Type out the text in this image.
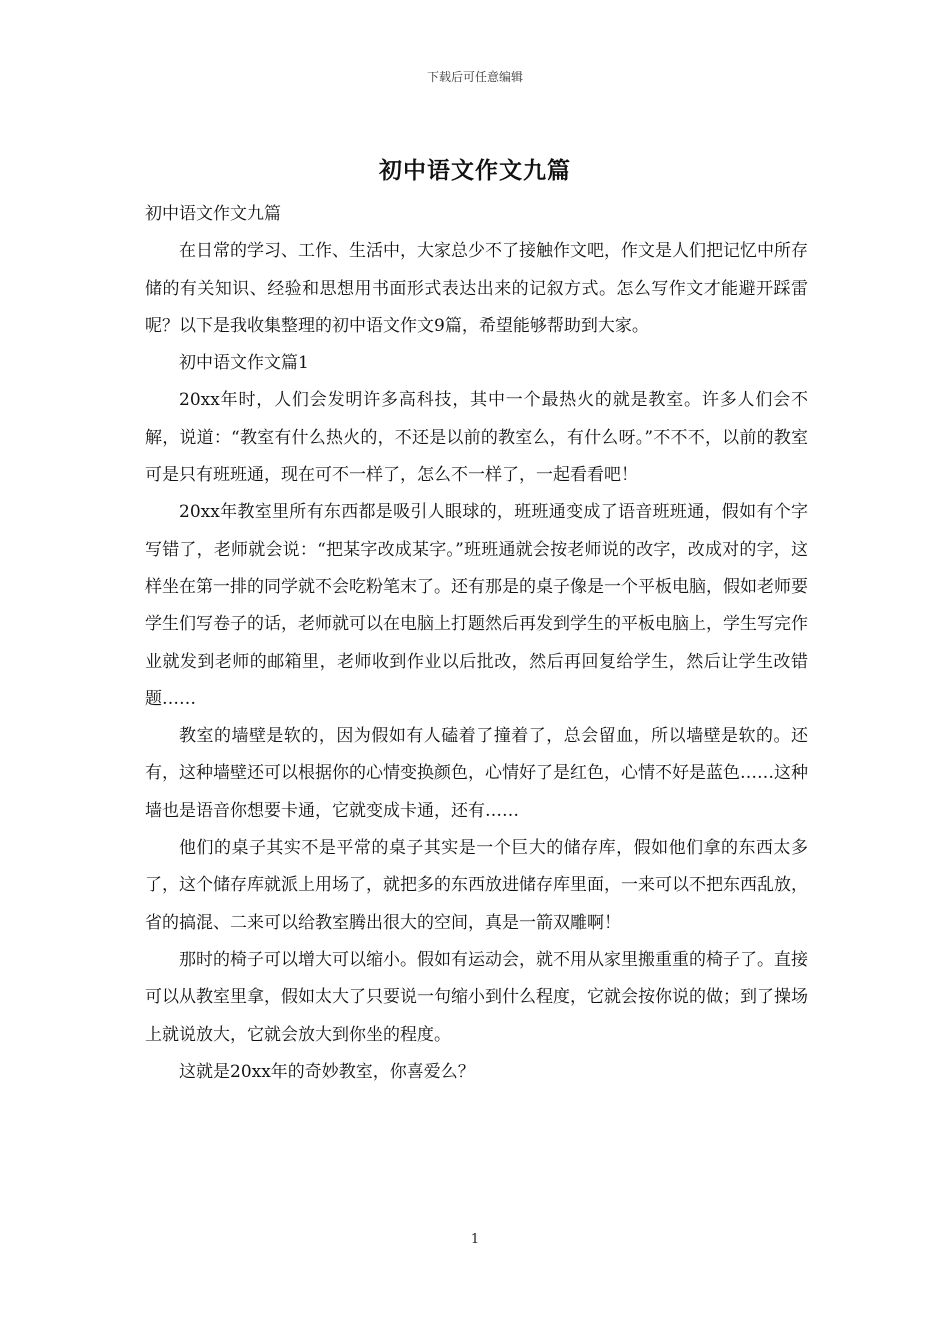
下载后可任意编辑
初中语文作文九篇

初中语文作文九篇

在日常的学习、工作、生活中，大家总少不了接触作文吧，作文是人们把记忆中所存储的有关知识、经验和思想用书面形式表达出来的记叙方式。怎么写作文才能避开踩雷呢？以下是我收集整理的初中语文作文9篇，希望能够帮助到大家。

初中语文作文篇1

20xx年时，人们会发明许多高科技，其中一个最热火的就是教室。许多人们会不解，说道：“教室有什么热火的，不还是以前的教室么，有什么呀。”不不不，以前的教室可是只有班班通，现在可不一样了，怎么不一样了，一起看看吧！

20xx年教室里所有东西都是吸引人眼球的，班班通变成了语音班班通，假如有个字写错了，老师就会说：“把某字改成某字。”班班通就会按老师说的改字，改成对的字，这样坐在第一排的同学就不会吃粉笔末了。还有那是的桌子像是一个平板电脑，假如老师要学生们写卷子的话，老师就可以在电脑上打题然后再发到学生的平板电脑上，学生写完作业就发到老师的邮箱里，老师收到作业以后批改，然后再回复给学生，然后让学生改错题……

教室的墙壁是软的，因为假如有人磕着了撞着了，总会留血，所以墙壁是软的。还有，这种墙壁还可以根据你的心情变换颜色，心情好了是红色，心情不好是蓝色……这种墙也是语音你想要卡通，它就变成卡通，还有……

他们的桌子其实不是平常的桌子其实是一个巨大的储存库，假如他们拿的东西太多了，这个储存库就派上用场了，就把多的东西放进储存库里面，一来可以不把东西乱放，省的搞混、二来可以给教室腾出很大的空间，真是一箭双雕啊！

那时的椅子可以增大可以缩小。假如有运动会，就不用从家里搬重重的椅子了。直接可以从教室里拿，假如太大了只要说一句缩小到什么程度，它就会按你说的做；到了操场上就说放大，它就会放大到你坐的程度。

这就是20xx年的奇妙教室，你喜爱么？

1
